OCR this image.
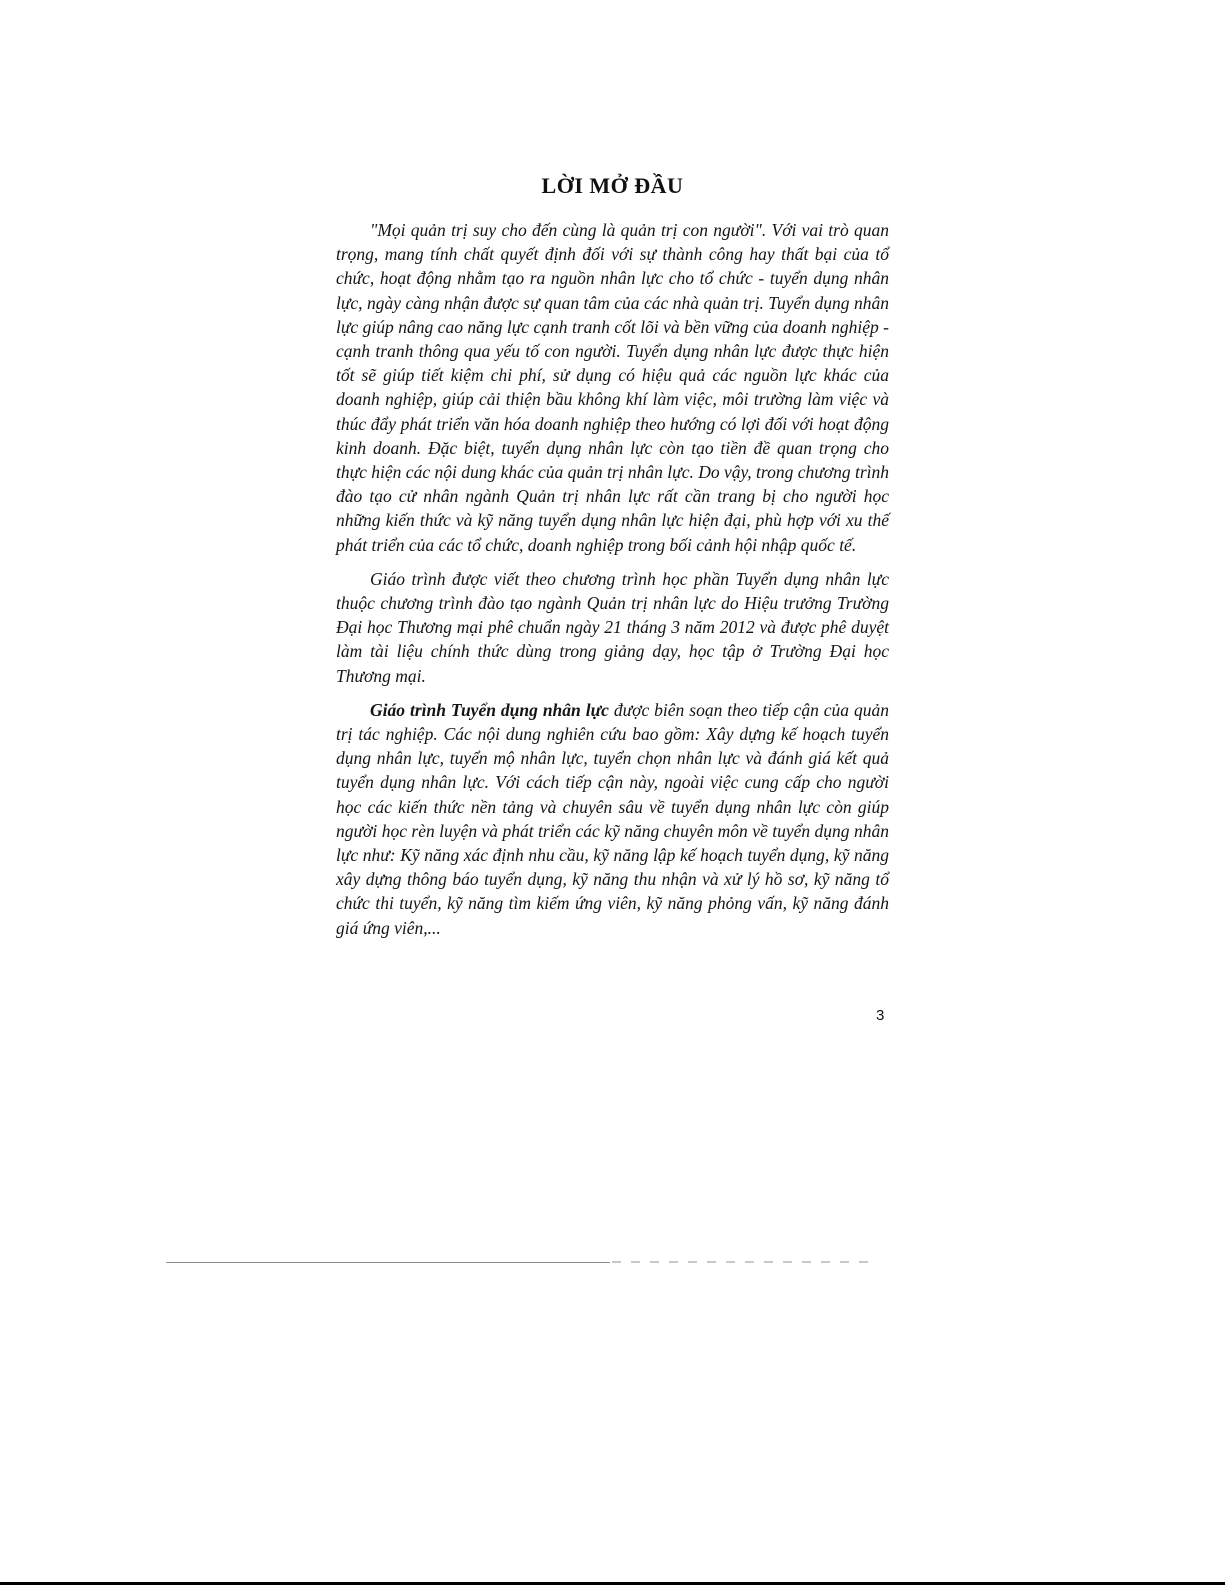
LỜI MỞ ĐẦU

"Mọi quản trị suy cho đến cùng là quản trị con người". Với vai trò quan trọng, mang tính chất quyết định đối với sự thành công hay thất bại của tổ chức, hoạt động nhằm tạo ra nguồn nhân lực cho tổ chức - tuyển dụng nhân lực, ngày càng nhận được sự quan tâm của các nhà quản trị. Tuyển dụng nhân lực giúp nâng cao năng lực cạnh tranh cốt lõi và bền vững của doanh nghiệp - cạnh tranh thông qua yếu tố con người. Tuyển dụng nhân lực được thực hiện tốt sẽ giúp tiết kiệm chi phí, sử dụng có hiệu quả các nguồn lực khác của doanh nghiệp, giúp cải thiện bầu không khí làm việc, môi trường làm việc và thúc đẩy phát triển văn hóa doanh nghiệp theo hướng có lợi đối với hoạt động kinh doanh. Đặc biệt, tuyển dụng nhân lực còn tạo tiền đề quan trọng cho thực hiện các nội dung khác của quản trị nhân lực. Do vậy, trong chương trình đào tạo cử nhân ngành Quản trị nhân lực rất cần trang bị cho người học những kiến thức và kỹ năng tuyển dụng nhân lực hiện đại, phù hợp với xu thế phát triển của các tổ chức, doanh nghiệp trong bối cảnh hội nhập quốc tế.

Giáo trình được viết theo chương trình học phần Tuyển dụng nhân lực thuộc chương trình đào tạo ngành Quản trị nhân lực do Hiệu trưởng Trường Đại học Thương mại phê chuẩn ngày 21 tháng 3 năm 2012 và được phê duyệt làm tài liệu chính thức dùng trong giảng dạy, học tập ở Trường Đại học Thương mại.

Giáo trình Tuyển dụng nhân lực được biên soạn theo tiếp cận của quản trị tác nghiệp. Các nội dung nghiên cứu bao gồm: Xây dựng kế hoạch tuyển dụng nhân lực, tuyển mộ nhân lực, tuyển chọn nhân lực và đánh giá kết quả tuyển dụng nhân lực. Với cách tiếp cận này, ngoài việc cung cấp cho người học các kiến thức nền tảng và chuyên sâu về tuyển dụng nhân lực còn giúp người học rèn luyện và phát triển các kỹ năng chuyên môn về tuyển dụng nhân lực như: Kỹ năng xác định nhu cầu, kỹ năng lập kế hoạch tuyển dụng, kỹ năng xây dựng thông báo tuyển dụng, kỹ năng thu nhận và xử lý hồ sơ, kỹ năng tổ chức thi tuyển, kỹ năng tìm kiếm ứng viên, kỹ năng phỏng vấn, kỹ năng đánh giá ứng viên,...

3
